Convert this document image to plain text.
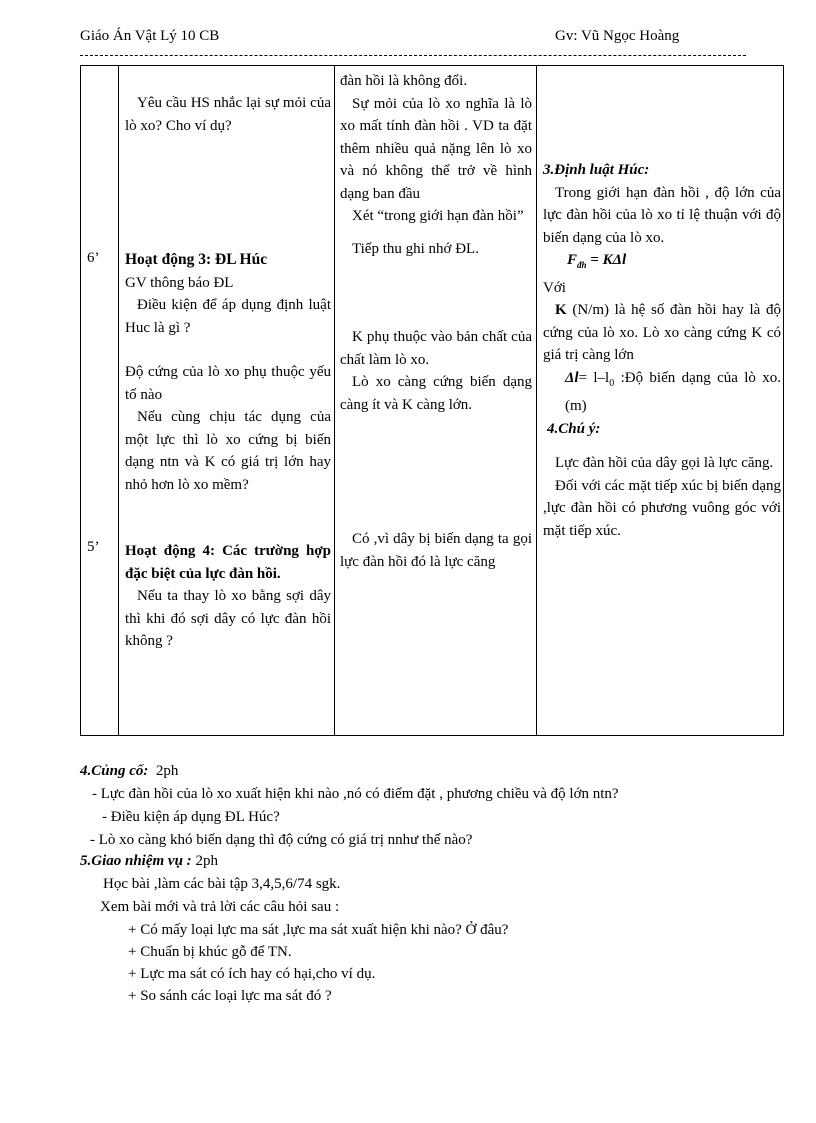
Giáo Án Vật Lý 10 CB	Gv: Vũ Ngọc Hoàng
6’
5’

Yêu cầu HS nhắc lại sự mỏi của lò xo? Cho ví dụ?

Hoạt động 3: ĐL Húc

GV thông báo ĐL

Điều kiện để áp dụng định luật Huc là gì ?

Độ cứng của lò xo phụ thuộc yếu tố nào

Nếu cùng chịu tác dụng của một lực thì lò xo cứng bị biến dạng ntn và K có giá trị lớn hay nhỏ hơn lò xo mềm?

Hoạt động 4: Các trường hợp đặc biệt của lực đàn hồi.

Nếu ta thay lò xo bằng sợi dây thì khi đó sợi dây có lực đàn hồi không ?

đàn hồi là không đổi.

Sự mỏi của lò xo nghĩa là lò xo mất tính đàn hồi . VD ta đặt thêm nhiều quả nặng lên lò xo và nó không thể trở về hình dạng ban đầu

Xét “trong giới hạn đàn hồi”

Tiếp thu ghi nhớ ĐL.

K phụ thuộc vào bản chất của chất làm lò xo.

Lò xo càng cứng biến dạng càng ít và K càng lớn.

Có ,vì dây bị biến dạng ta gọi lực đàn hồi đó là lực căng

3.Định luật Húc:

Trong giới hạn đàn hồi , độ lớn của lực đàn hồi của lò xo tỉ lệ thuận với độ biến dạng của lò xo.

$F_{đh} = K\Delta l$

Với

K (N/m) là hệ số đàn hồi hay là độ cứng của lò xo. Lò xo càng cứng K có giá trị càng lớn

$\Delta l= l-l_0$ :Độ biến dạng của lò xo.(m)

4.Chú ý:

Lực đàn hồi của dây gọi là lực căng.

Đối với các mặt tiếp xúc bị biến dạng ,lực đàn hồi có phương vuông góc với mặt tiếp xúc.

4.Củng cố: 2ph
- Lực đàn hồi của lò xo xuất hiện khi nào ,nó có điểm đặt , phương chiều và độ lớn ntn?
- Điều kiện áp dụng ĐL Húc?
- Lò xo càng khó biến dạng thì độ cứng có giá trị nnhư thế nào?
5.Giao nhiệm vụ : 2ph
Học bài ,làm các bài tập 3,4,5,6/74 sgk.
Xem bài mới và trả lời các câu hỏi sau :
+ Có mấy loại lực ma sát ,lực ma sát xuất hiện khi nào? Ở đâu?
+ Chuẩn bị khúc gỗ để TN.
+ Lực ma sát có ích hay có hại,cho ví dụ.
+ So sánh các loại lực ma sát đó ?
